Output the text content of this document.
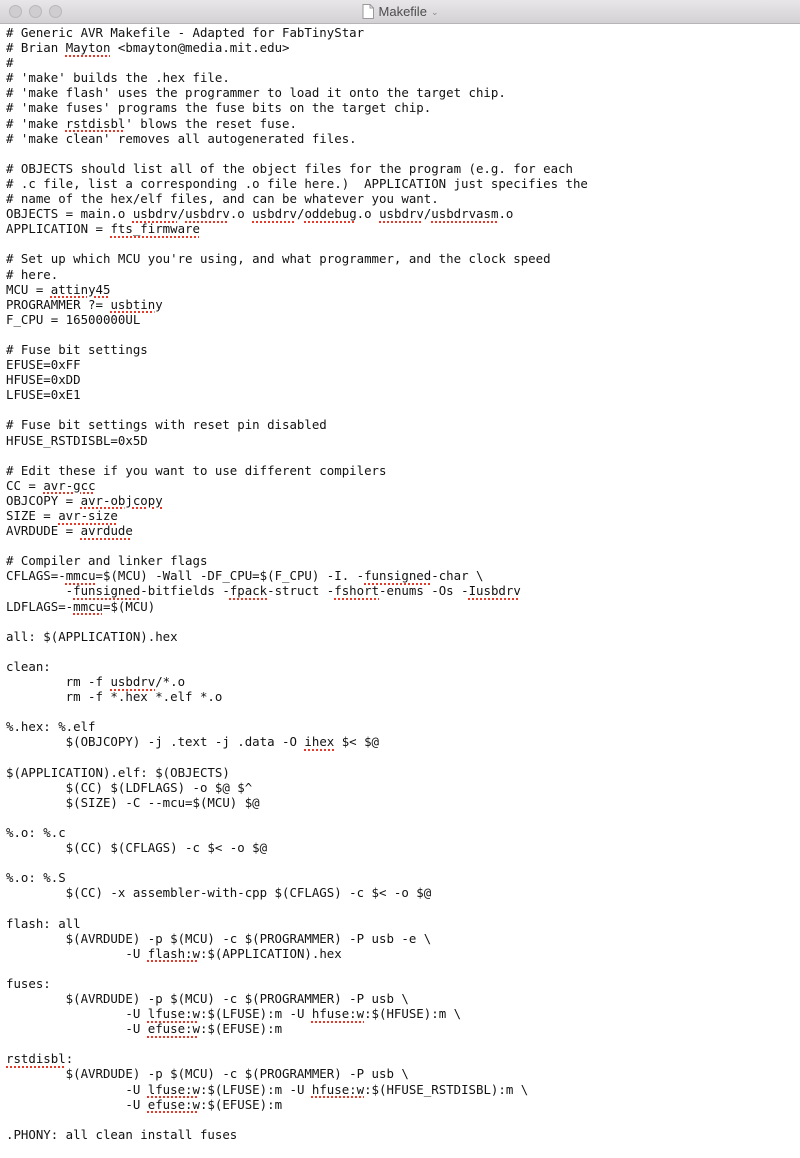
Makefile ⌄
# Generic AVR Makefile - Adapted for FabTinyStar
# Brian Mayton <bmayton@media.mit.edu>
#
# 'make' builds the .hex file.
# 'make flash' uses the programmer to load it onto the target chip.
# 'make fuses' programs the fuse bits on the target chip.
# 'make rstdisbl' blows the reset fuse.
# 'make clean' removes all autogenerated files.
# OBJECTS should list all of the object files for the program (e.g. for each
# .c file, list a corresponding .o file here.)  APPLICATION just specifies the
# name of the hex/elf files, and can be whatever you want.
OBJECTS = main.o usbdrv/usbdrv.o usbdrv/oddebug.o usbdrv/usbdrvasm.o
APPLICATION = fts_firmware
# Set up which MCU you're using, and what programmer, and the clock speed
# here.
MCU = attiny45
PROGRAMMER ?= usbtiny
F_CPU = 16500000UL
# Fuse bit settings
EFUSE=0xFF
HFUSE=0xDD
LFUSE=0xE1
# Fuse bit settings with reset pin disabled
HFUSE_RSTDISBL=0x5D
# Edit these if you want to use different compilers
CC = avr-gcc
OBJCOPY = avr-objcopy
SIZE = avr-size
AVRDUDE = avrdude
# Compiler and linker flags
CFLAGS=-mmcu=$(MCU) -Wall -DF_CPU=$(F_CPU) -I. -funsigned-char \
-funsigned-bitfields -fpack-struct -fshort-enums -Os -Iusbdrv
LDFLAGS=-mmcu=$(MCU)
all: $(APPLICATION).hex
clean:
rm -f usbdrv/*.o
rm -f *.hex *.elf *.o
%.hex: %.elf
$(OBJCOPY) -j .text -j .data -O ihex $< $@
$(APPLICATION).elf: $(OBJECTS)
$(CC) $(LDFLAGS) -o $@ $^
$(SIZE) -C --mcu=$(MCU) $@
%.o: %.c
$(CC) $(CFLAGS) -c $< -o $@
%.o: %.S
$(CC) -x assembler-with-cpp $(CFLAGS) -c $< -o $@
flash: all
$(AVRDUDE) -p $(MCU) -c $(PROGRAMMER) -P usb -e \
-U flash:w:$(APPLICATION).hex
fuses:
$(AVRDUDE) -p $(MCU) -c $(PROGRAMMER) -P usb \
-U lfuse:w:$(LFUSE):m -U hfuse:w:$(HFUSE):m \
-U efuse:w:$(EFUSE):m
rstdisbl:
$(AVRDUDE) -p $(MCU) -c $(PROGRAMMER) -P usb \
-U lfuse:w:$(LFUSE):m -U hfuse:w:$(HFUSE_RSTDISBL):m \
-U efuse:w:$(EFUSE):m
.PHONY: all clean install fuses
